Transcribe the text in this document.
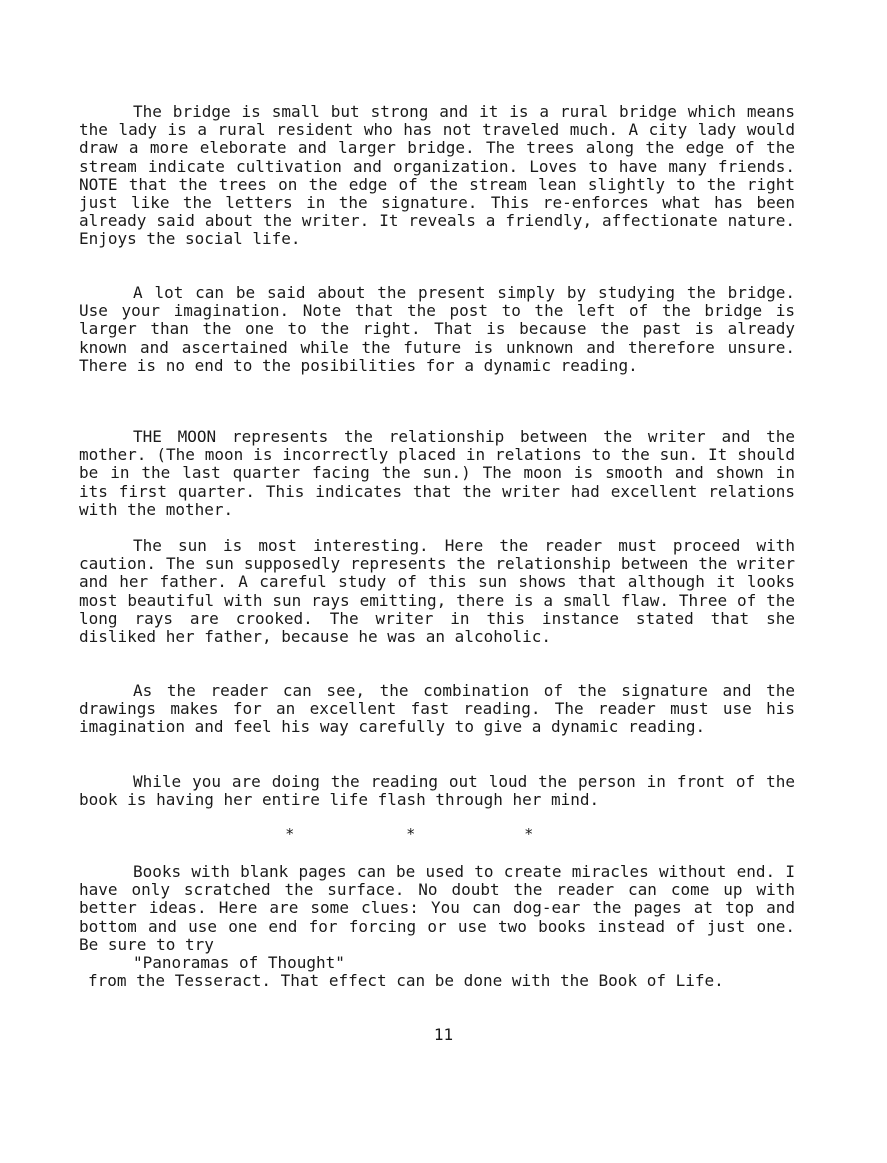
The bridge is small but strong and it is a rural bridge which means the lady is a rural resident who has not traveled much. A city lady would draw a more eleborate and larger bridge. The trees along the edge of the stream indicate cultivation and organization. Loves to have many friends. NOTE that the trees on the edge of the stream lean slightly to the right just like the letters in the signature. This re-enforces what has been already said about the writer. It reveals a friendly, affectionate nature. Enjoys the social life.

A lot can be said about the present simply by studying the bridge. Use your imagination. Note that the post to the left of the bridge is larger than the one to the right. That is because the past is already known and ascertained while the future is unknown and therefore unsure. There is no end to the posibilities for a dynamic reading.

THE MOON represents the relationship between the writer and the mother. (The moon is incorrectly placed in relations to the sun. It should be in the last quarter facing the sun.) The moon is smooth and shown in its first quarter. This indicates that the writer had excellent relations with the mother.

The sun is most interesting. Here the reader must proceed with caution. The sun supposedly represents the relationship between the writer and her father. A careful study of this sun shows that although it looks most beautiful with sun rays emitting, there is a small flaw. Three of the long rays are crooked. The writer in this instance stated that she disliked her father, because he was an alcoholic.

As the reader can see, the combination of the signature and the drawings makes for an excellent fast reading. The reader must use his imagination and feel his way carefully to give a dynamic reading.

While you are doing the reading out loud the person in front of the book is having her entire life flash through her mind.

*	*	*

Books with blank pages can be used to create miracles without end. I have only scratched the surface. No doubt the reader can come up with better ideas. Here are some clues: You can dog-ear the pages at top and bottom and use one end for forcing or use two books instead of just one. Be sure to try

"Panoramas of Thought"

from the Tesseract. That effect can be done with the Book of Life.

11
